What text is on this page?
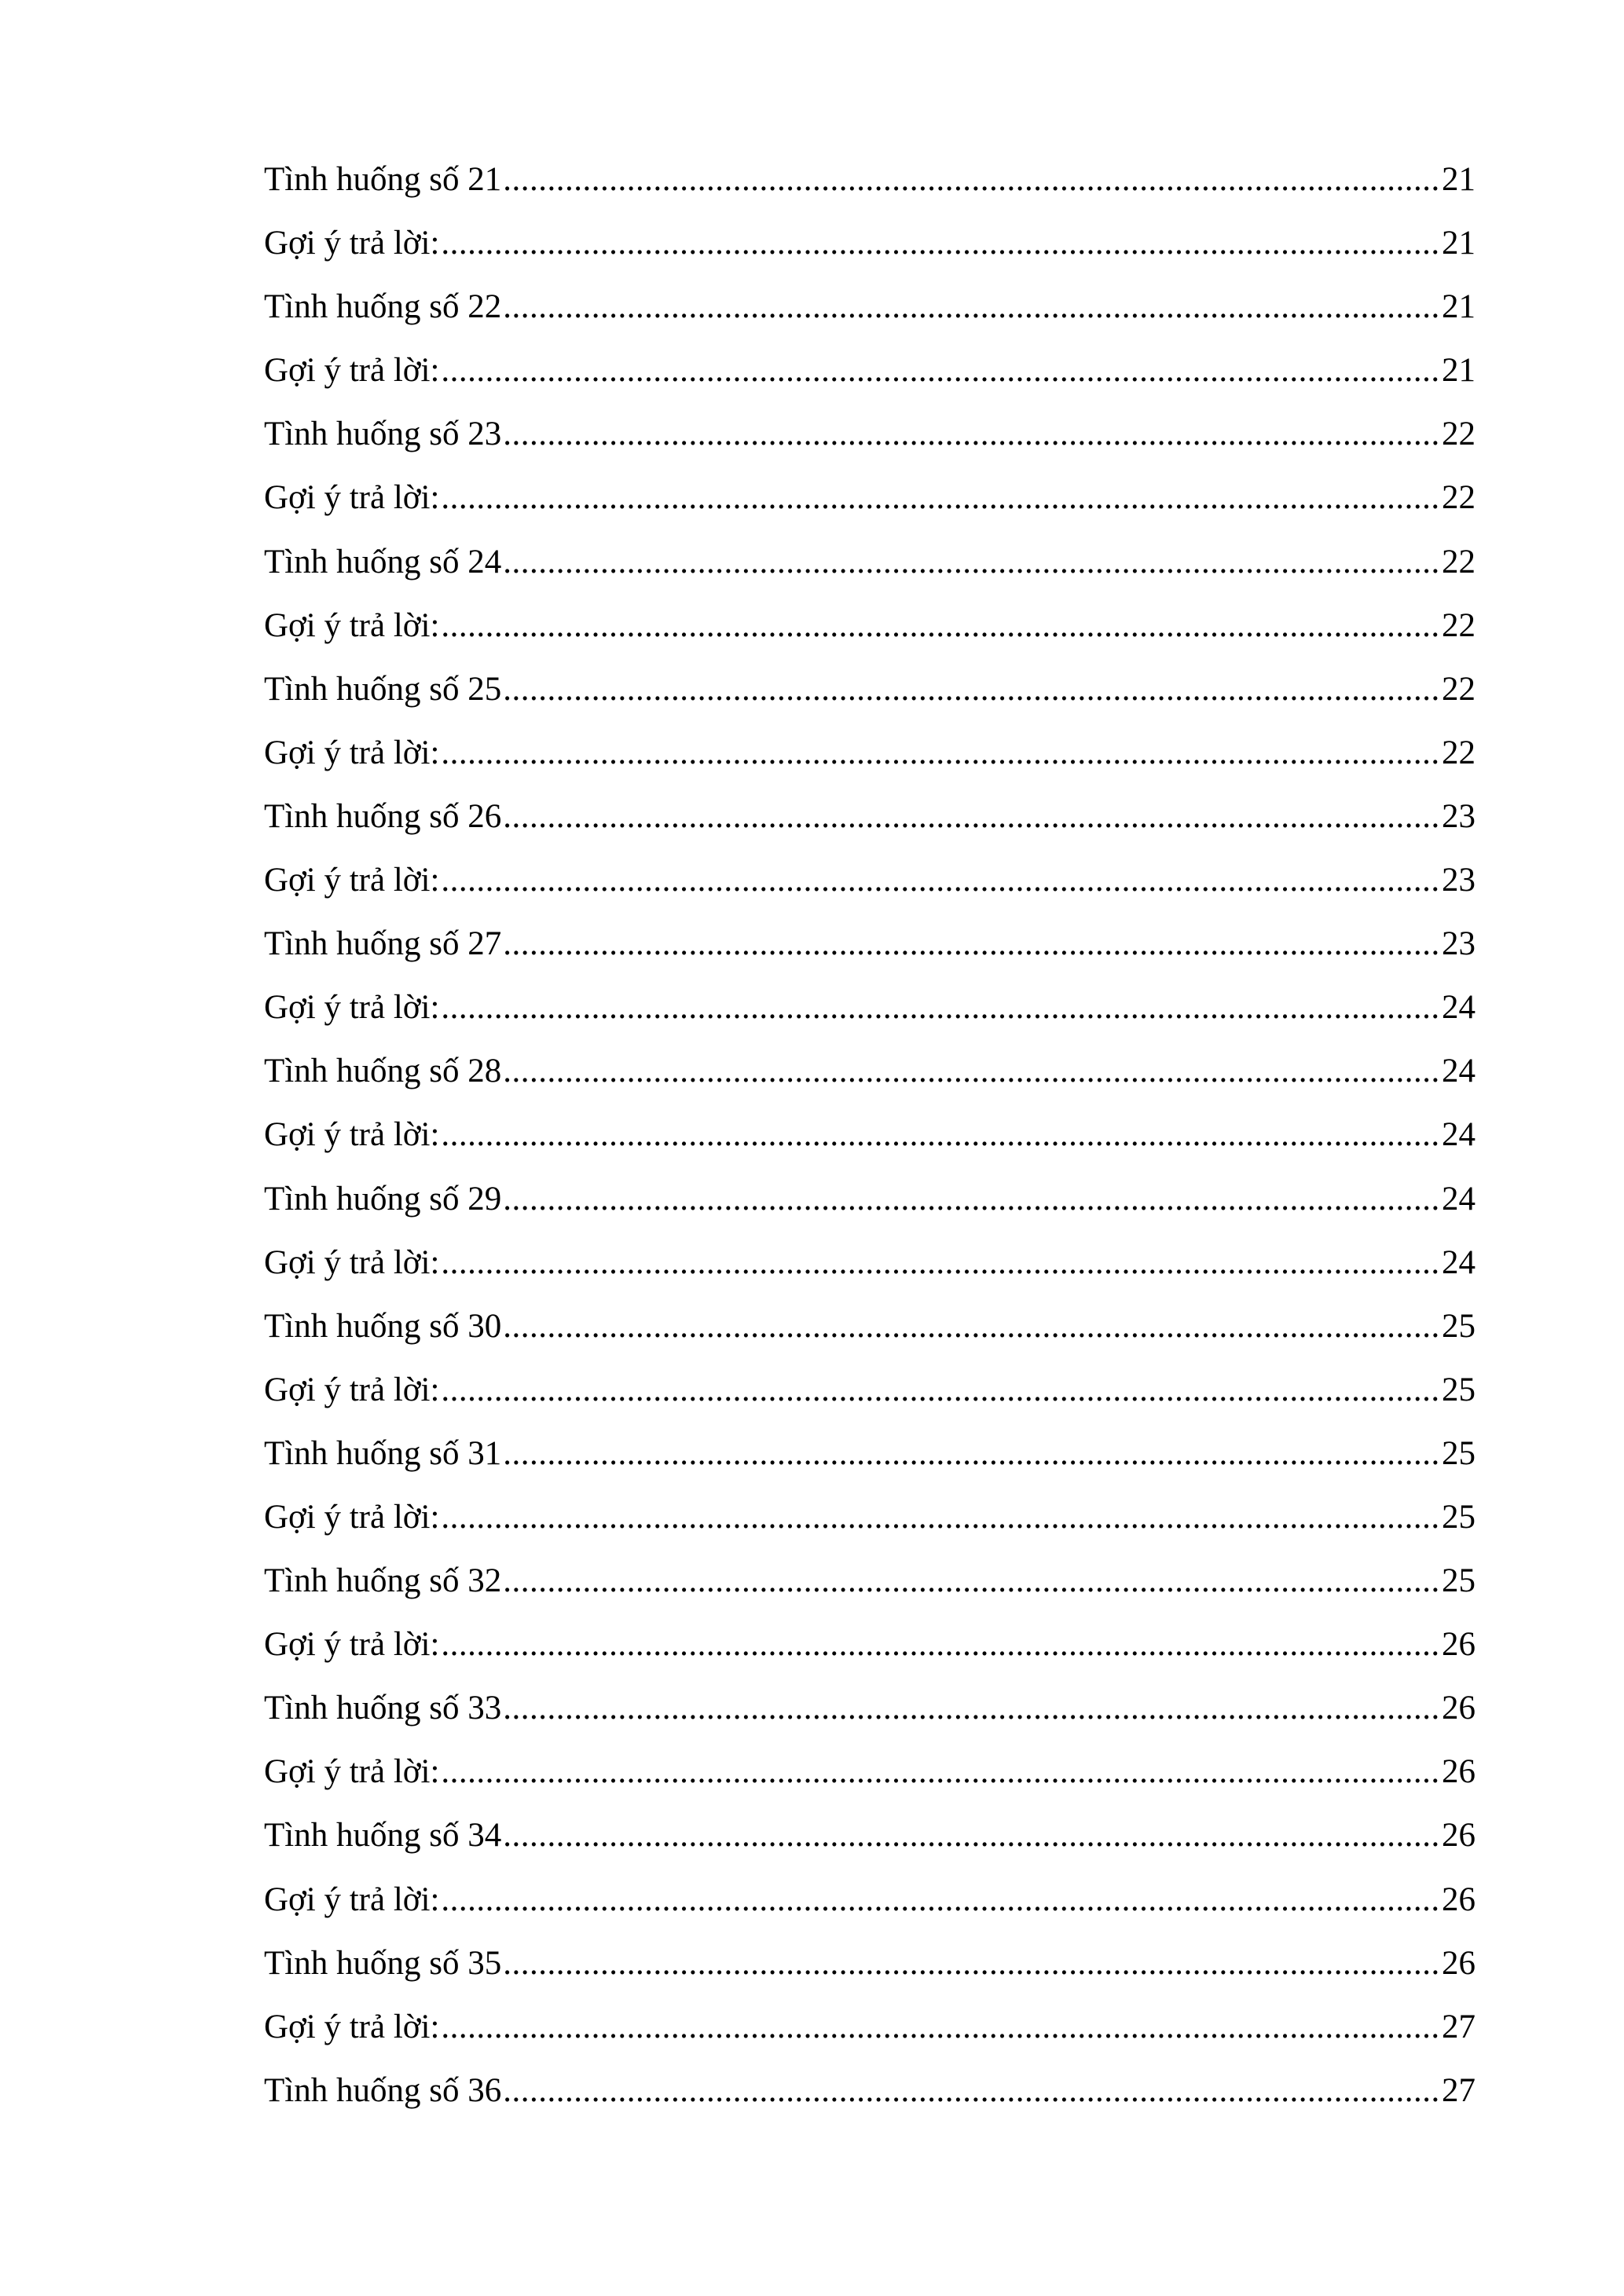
Tình huống số 21 .....	21
Gợi ý trả lời: .....	21
Tình huống số 22 .....	21
Gợi ý trả lời: .....	21
Tình huống số 23 .....	22
Gợi ý trả lời: .....	22
Tình huống số 24 .....	22
Gợi ý trả lời: .....	22
Tình huống số 25 .....	22
Gợi ý trả lời: .....	22
Tình huống số 26 .....	23
Gợi ý trả lời: .....	23
Tình huống số 27 .....	23
Gợi ý trả lời: .....	24
Tình huống số 28 .....	24
Gợi ý trả lời: .....	24
Tình huống số 29 .....	24
Gợi ý trả lời: .....	24
Tình huống số 30 .....	25
Gợi ý trả lời: .....	25
Tình huống số 31 .....	25
Gợi ý trả lời: .....	25
Tình huống số 32 .....	25
Gợi ý trả lời: .....	26
Tình huống số 33 .....	26
Gợi ý trả lời: .....	26
Tình huống số 34 .....	26
Gợi ý trả lời: .....	26
Tình huống số 35 .....	26
Gợi ý trả lời: .....	27
Tình huống số 36 .....	27
